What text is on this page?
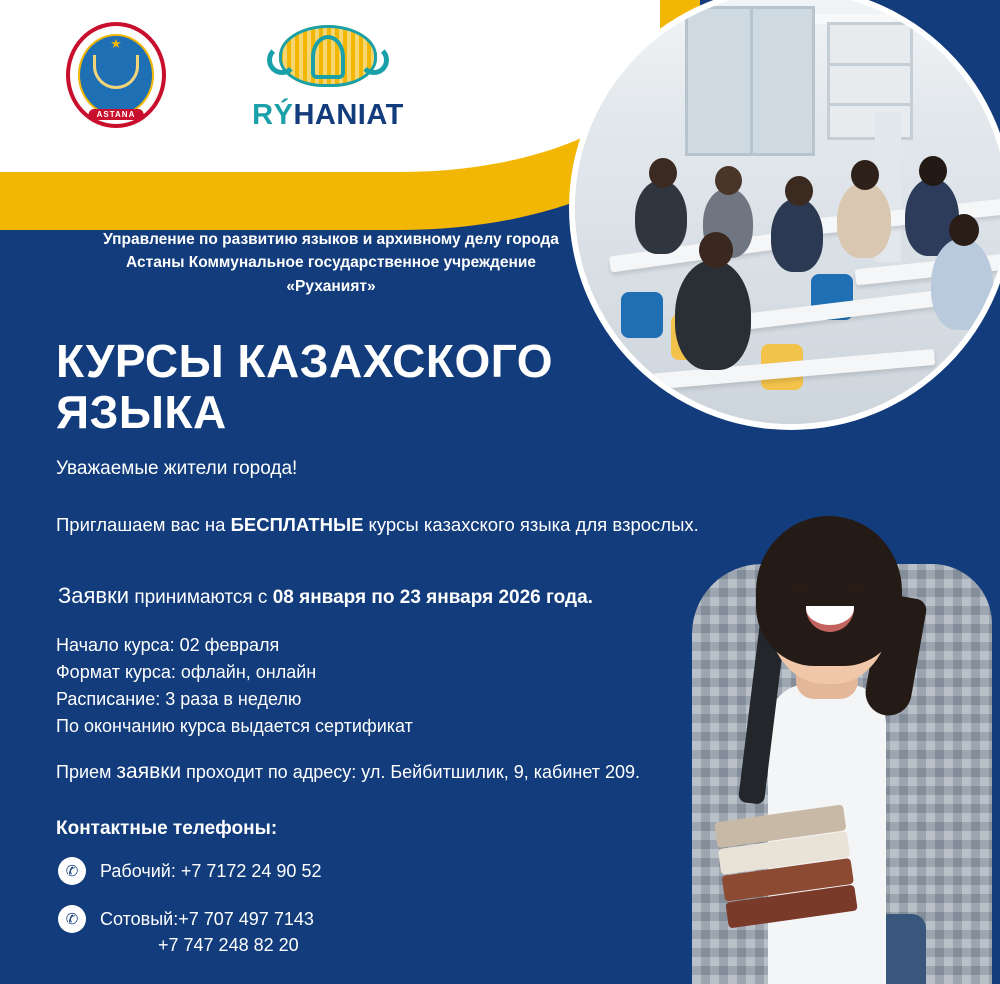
★
ASTANA	RÝHANIAT
Управление по развитию языков и архивному делу города Астаны Коммунальное государственное учреждение «Руханият»
КУРСЫ КАЗАХСКОГО ЯЗЫКА
Уважаемые жители города!
Приглашаем вас на БЕСПЛАТНЫЕ курсы казахского языка для взрослых.
Заявки принимаются с 08 января по 23 января 2026 года.
Начало курса: 02 февраля
Формат курса: офлайн, онлайн
Расписание: 3 раза в неделю
По окончанию курса выдается сертификат
Прием заявки проходит по адресу: ул. Бейбитшилик, 9, кабинет 209.
Контактные телефоны:
✆	Рабочий: +7 7172 24 90 52
✆	Сотовый:+7 707 497 7143
+7 747 248 82 20
